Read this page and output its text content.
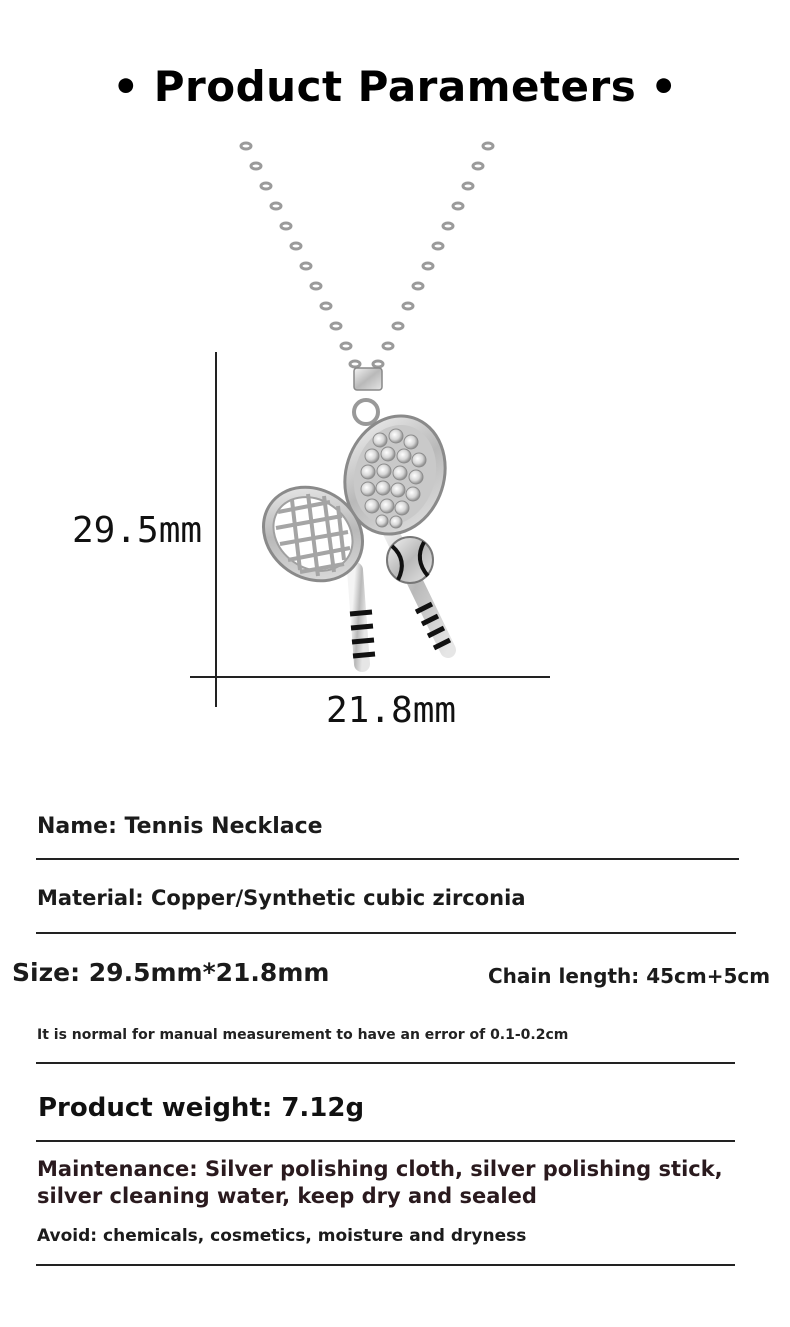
• Product Parameters •
29.5mm
21.8mm
Name: Tennis Necklace
Material: Copper/Synthetic cubic zirconia
Size: 29.5mm*21.8mm	Chain length: 45cm+5cm
It is normal for manual measurement to have an error of 0.1-0.2cm
Product weight: 7.12g
Maintenance: Silver polishing cloth, silver polishing stick, silver cleaning water, keep dry and sealed
Avoid: chemicals, cosmetics, moisture and dryness
